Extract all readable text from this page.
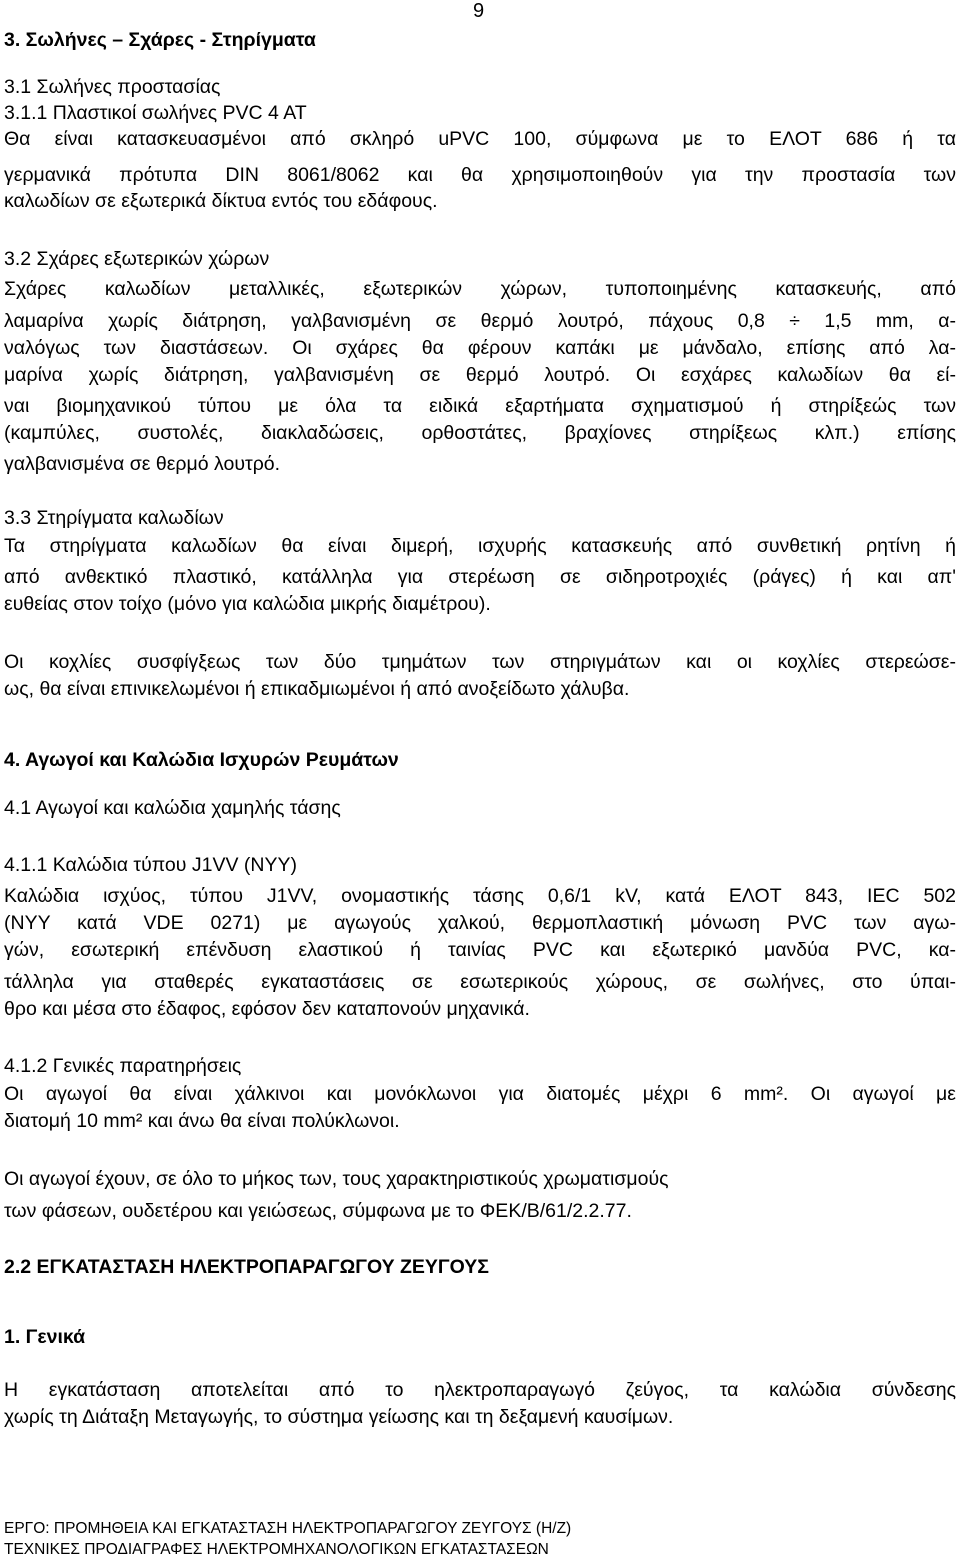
9
3. Σωλήνες – Σχάρες - Στηρίγματα
3.1 Σωλήνες προστασίας
3.1.1 Πλαστικοί σωλήνες PVC 4 AT
Θα είναι κατασκευασμένοι από σκληρό uPVC 100, σύμφωνα με το ΕΛΟΤ 686 ή τα
γερμανικά πρότυπα DIN 8061/8062 και θα χρησιμοποιηθούν για την προστασία των
καλωδίων σε εξωτερικά δίκτυα εντός του εδάφους.
3.2 Σχάρες εξωτερικών χώρων
Σχάρες καλωδίων μεταλλικές, εξωτερικών χώρων, τυποποιημένης κατασκευής, από
λαμαρίνα χωρίς διάτρηση, γαλβανισμένη σε θερμό λουτρό, πάχους 0,8 ÷ 1,5 mm, α-
ναλόγως των διαστάσεων. Οι σχάρες θα φέρουν καπάκι με μάνδαλο, επίσης από λα-
μαρίνα χωρίς διάτρηση, γαλβανισμένη σε θερμό λουτρό. Οι εσχάρες καλωδίων θα εί-
ναι βιομηχανικού τύπου με όλα τα ειδικά εξαρτήματα σχηματισμού ή στηρίξεώς των
(καμπύλες, συστολές, διακλαδώσεις, ορθοστάτες, βραχίονες στηρίξεως κλπ.) επίσης
γαλβανισμένα σε θερμό λουτρό.
3.3 Στηρίγματα καλωδίων
Τα στηρίγματα καλωδίων θα είναι διμερή, ισχυρής κατασκευής από συνθετική ρητίνη ή
από ανθεκτικό πλαστικό, κατάλληλα για στερέωση σε σιδηροτροχιές (ράγες) ή και απ'
ευθείας στον τοίχο (μόνο για καλώδια μικρής διαμέτρου).
Οι κοχλίες συσφίγξεως των δύο τμημάτων των στηριγμάτων και οι κοχλίες στερεώσε-
ως, θα είναι επινικελωμένοι ή επικαδμιωμένοι ή από ανοξείδωτο χάλυβα.
4. Αγωγοί και Καλώδια Ισχυρών Ρευμάτων
4.1 Αγωγοί και καλώδια χαμηλής τάσης
4.1.1 Καλώδια τύπου J1VV (NYY)
Καλώδια ισχύος, τύπου J1VV, ονομαστικής τάσης 0,6/1 kV, κατά ΕΛΟΤ 843, IEC 502
(NYY κατά VDE 0271) με αγωγούς χαλκού, θερμοπλαστική μόνωση PVC των αγω-
γών, εσωτερική επένδυση ελαστικού ή ταινίας PVC και εξωτερικό μανδύα PVC, κα-
τάλληλα για σταθερές εγκαταστάσεις σε εσωτερικούς χώρους, σε σωλήνες, στο ύπαι-
θρο και μέσα στο έδαφος, εφόσον δεν καταπονούν μηχανικά.
4.1.2 Γενικές παρατηρήσεις
Οι αγωγοί θα είναι χάλκινοι και μονόκλωνοι για διατομές μέχρι 6 mm². Οι αγωγοί με
διατομή 10 mm² και άνω θα είναι πολύκλωνοι.
Οι αγωγοί έχουν, σε όλο το μήκος των, τους χαρακτηριστικούς χρωματισμούς
των φάσεων, ουδετέρου και γειώσεως, σύμφωνα με το ΦΕΚ/Β/61/2.2.77.
2.2 ΕΓΚΑΤΑΣΤΑΣΗ ΗΛΕΚΤΡΟΠΑΡΑΓΩΓΟΥ ΖΕΥΓΟΥΣ
1. Γενικά
Η εγκατάσταση αποτελείται από το ηλεκτροπαραγωγό ζεύγος, τα καλώδια σύνδεσης
χωρίς τη Διάταξη Μεταγωγής, το σύστημα γείωσης και τη δεξαμενή καυσίμων.
ΕΡΓΟ: ΠΡΟΜΗΘΕΙΑ ΚΑΙ ΕΓΚΑΤΑΣΤΑΣΗ ΗΛΕΚΤΡΟΠΑΡΑΓΩΓΟΥ ΖΕΥΓΟΥΣ (Η/Ζ)
ΤΕΧΝΙΚΕΣ ΠΡΟΔΙΑΓΡΑΦΕΣ ΗΛΕΚΤΡΟΜΗΧΑΝΟΛΟΓΙΚΩΝ ΕΓΚΑΤΑΣΤΑΣΕΩΝ
